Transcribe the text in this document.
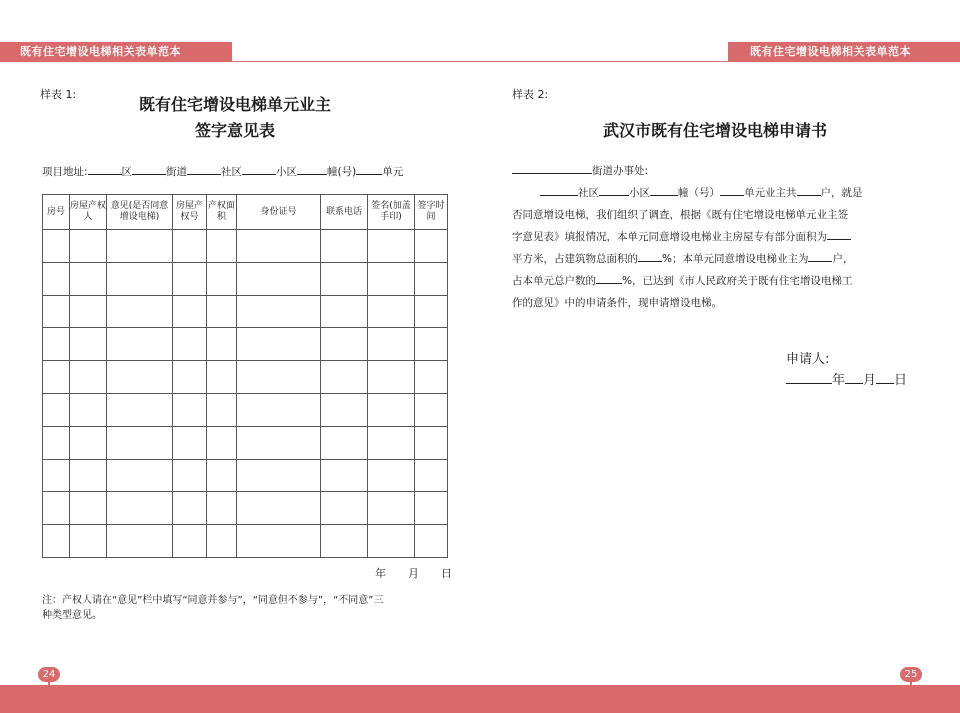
既有住宅增设电梯相关表单范本	既有住宅增设电梯相关表单范本
样表 1:
既有住宅增设电梯单元业主
签字意见表
项目地址:	区	街道	社区	小区	幢(号) 单元
房号	房屋产权人	意见(是否同意增设电梯)	房屋产权号	产权面积	身份证号	联系电话	签名(加盖手印)	签字时间

年 月 日
注：产权人请在“意见”栏中填写“同意并参与”，“同意但不参与”，“不同意”三
种类型意见。
24
样表 2:
武汉市既有住宅增设电梯申请书
街道办事处:
社区	小区	幢（号） 单元业主共 户，就是
否同意增设电梯，我们组织了调查，根据《既有住宅增设电梯单元业主签
字意见表》填报情况，本单元同意增设电梯业主房屋专有部分面积为
平方米，占建筑物总面积的 %；本单元同意增设电梯业主为 户，
占本单元总户数的 %，已达到《市人民政府关于既有住宅增设电梯工
作的意见》中的申请条件，现申请增设电梯。
申请人:
年 月 日
25
